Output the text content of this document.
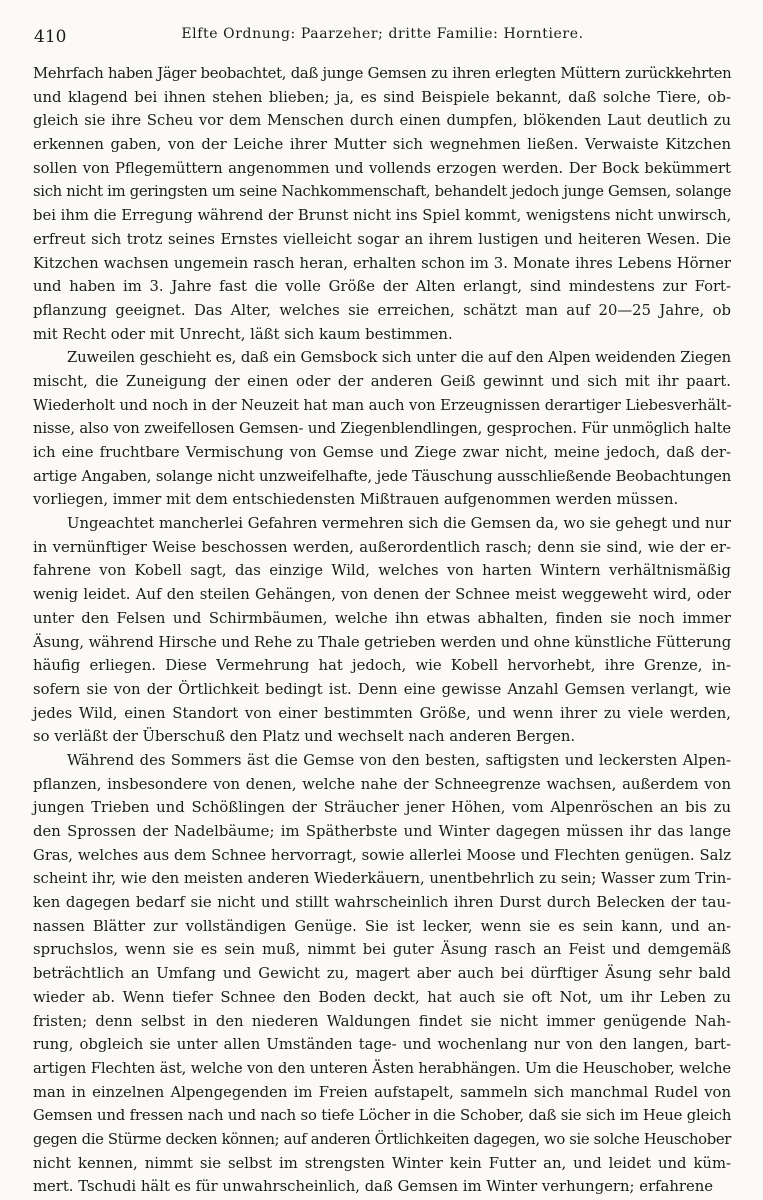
410	Elfte Ordnung: Paarzeher; dritte Familie: Horntiere.
Mehrfach haben Jäger beobachtet, daß junge Gemsen zu ihren erlegten Müttern zurückkehrten
und klagend bei ihnen stehen blieben; ja, es sind Beispiele bekannt, daß solche Tiere, ob-
gleich sie ihre Scheu vor dem Menschen durch einen dumpfen, blökenden Laut deutlich zu
erkennen gaben, von der Leiche ihrer Mutter sich wegnehmen ließen. Verwaiste Kitzchen
sollen von Pflegemüttern angenommen und vollends erzogen werden. Der Bock bekümmert
sich nicht im geringsten um seine Nachkommenschaft, behandelt jedoch junge Gemsen, solange
bei ihm die Erregung während der Brunst nicht ins Spiel kommt, wenigstens nicht unwirsch,
erfreut sich trotz seines Ernstes vielleicht sogar an ihrem lustigen und heiteren Wesen. Die
Kitzchen wachsen ungemein rasch heran, erhalten schon im 3. Monate ihres Lebens Hörner
und haben im 3. Jahre fast die volle Größe der Alten erlangt, sind mindestens zur Fort-
pflanzung geeignet. Das Alter, welches sie erreichen, schätzt man auf 20—25 Jahre, ob
mit Recht oder mit Unrecht, läßt sich kaum bestimmen.
Zuweilen geschieht es, daß ein Gemsbock sich unter die auf den Alpen weidenden Ziegen
mischt, die Zuneigung der einen oder der anderen Geiß gewinnt und sich mit ihr paart.
Wiederholt und noch in der Neuzeit hat man auch von Erzeugnissen derartiger Liebesverhält-
nisse, also von zweifellosen Gemsen- und Ziegenblendlingen, gesprochen. Für unmöglich halte
ich eine fruchtbare Vermischung von Gemse und Ziege zwar nicht, meine jedoch, daß der-
artige Angaben, solange nicht unzweifelhafte, jede Täuschung ausschließende Beobachtungen
vorliegen, immer mit dem entschiedensten Mißtrauen aufgenommen werden müssen.
Ungeachtet mancherlei Gefahren vermehren sich die Gemsen da, wo sie gehegt und nur
in vernünftiger Weise beschossen werden, außerordentlich rasch; denn sie sind, wie der er-
fahrene von Kobell sagt, das einzige Wild, welches von harten Wintern verhältnismäßig
wenig leidet. Auf den steilen Gehängen, von denen der Schnee meist weggeweht wird, oder
unter den Felsen und Schirmbäumen, welche ihn etwas abhalten, finden sie noch immer
Äsung, während Hirsche und Rehe zu Thale getrieben werden und ohne künstliche Fütterung
häufig erliegen. Diese Vermehrung hat jedoch, wie Kobell hervorhebt, ihre Grenze, in-
sofern sie von der Örtlichkeit bedingt ist. Denn eine gewisse Anzahl Gemsen verlangt, wie
jedes Wild, einen Standort von einer bestimmten Größe, und wenn ihrer zu viele werden,
so verläßt der Überschuß den Platz und wechselt nach anderen Bergen.
Während des Sommers äst die Gemse von den besten, saftigsten und leckersten Alpen-
pflanzen, insbesondere von denen, welche nahe der Schneegrenze wachsen, außerdem von
jungen Trieben und Schößlingen der Sträucher jener Höhen, vom Alpenröschen an bis zu
den Sprossen der Nadelbäume; im Spätherbste und Winter dagegen müssen ihr das lange
Gras, welches aus dem Schnee hervorragt, sowie allerlei Moose und Flechten genügen. Salz
scheint ihr, wie den meisten anderen Wiederkäuern, unentbehrlich zu sein; Wasser zum Trin-
ken dagegen bedarf sie nicht und stillt wahrscheinlich ihren Durst durch Belecken der tau-
nassen Blätter zur vollständigen Genüge. Sie ist lecker, wenn sie es sein kann, und an-
spruchslos, wenn sie es sein muß, nimmt bei guter Äsung rasch an Feist und demgemäß
beträchtlich an Umfang und Gewicht zu, magert aber auch bei dürftiger Äsung sehr bald
wieder ab. Wenn tiefer Schnee den Boden deckt, hat auch sie oft Not, um ihr Leben zu
fristen; denn selbst in den niederen Waldungen findet sie nicht immer genügende Nah-
rung, obgleich sie unter allen Umständen tage- und wochenlang nur von den langen, bart-
artigen Flechten äst, welche von den unteren Ästen herabhängen. Um die Heuschober, welche
man in einzelnen Alpengegenden im Freien aufstapelt, sammeln sich manchmal Rudel von
Gemsen und fressen nach und nach so tiefe Löcher in die Schober, daß sie sich im Heue gleich
gegen die Stürme decken können; auf anderen Örtlichkeiten dagegen, wo sie solche Heuschober
nicht kennen, nimmt sie selbst im strengsten Winter kein Futter an, und leidet und küm-
mert. Tschudi hält es für unwahrscheinlich, daß Gemsen im Winter verhungern; erfahrene
